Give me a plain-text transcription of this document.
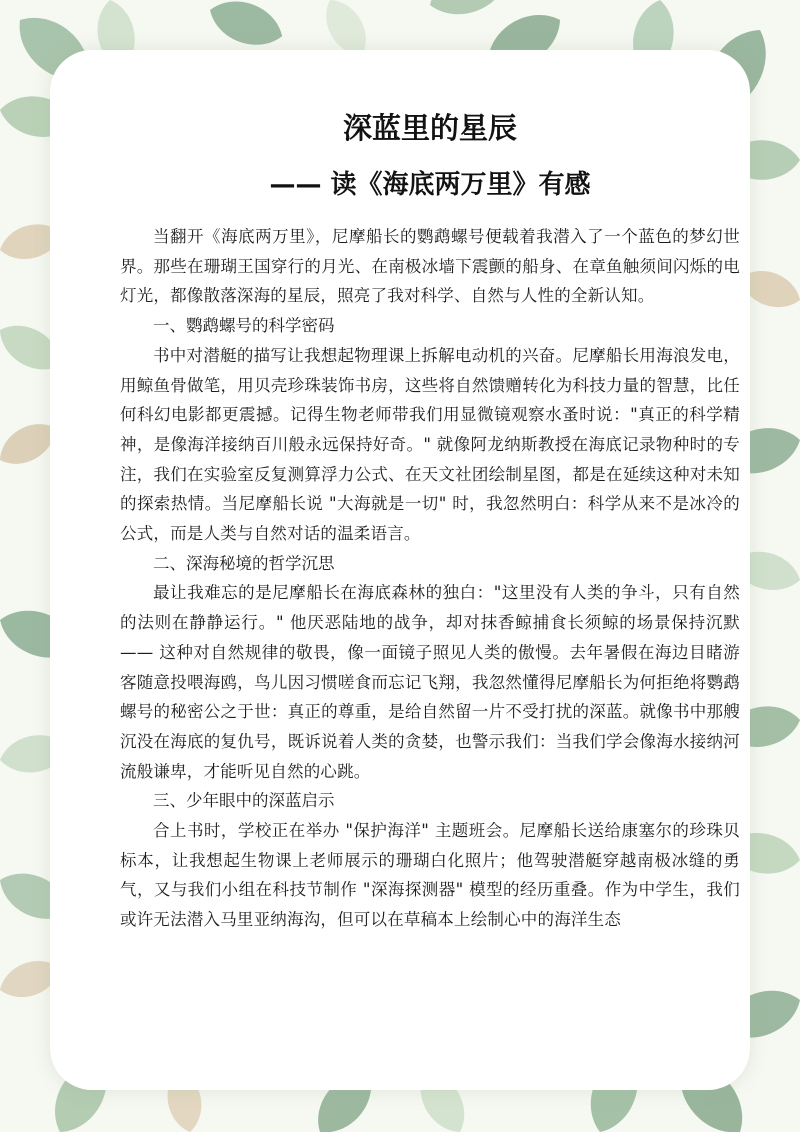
深蓝里的星辰
—— 读《海底两万里》有感

当翻开《海底两万里》，尼摩船长的鹦鹉螺号便载着我潜入了一个蓝色的梦幻世界。那些在珊瑚王国穿行的月光、在南极冰墙下震颤的船身、在章鱼触须间闪烁的电灯光，都像散落深海的星辰，照亮了我对科学、自然与人性的全新认知。

一、鹦鹉螺号的科学密码

书中对潜艇的描写让我想起物理课上拆解电动机的兴奋。尼摩船长用海浪发电，用鲸鱼骨做笔，用贝壳珍珠装饰书房，这些将自然馈赠转化为科技力量的智慧，比任何科幻电影都更震撼。记得生物老师带我们用显微镜观察水蚤时说："真正的科学精神，是像海洋接纳百川般永远保持好奇。" 就像阿龙纳斯教授在海底记录物种时的专注，我们在实验室反复测算浮力公式、在天文社团绘制星图，都是在延续这种对未知的探索热情。当尼摩船长说 "大海就是一切" 时，我忽然明白：科学从来不是冰冷的公式，而是人类与自然对话的温柔语言。

二、深海秘境的哲学沉思

最让我难忘的是尼摩船长在海底森林的独白："这里没有人类的争斗，只有自然的法则在静静运行。" 他厌恶陆地的战争，却对抹香鲸捕食长须鲸的场景保持沉默 —— 这种对自然规律的敬畏，像一面镜子照见人类的傲慢。去年暑假在海边目睹游客随意投喂海鸥，鸟儿因习惯嗟食而忘记飞翔，我忽然懂得尼摩船长为何拒绝将鹦鹉螺号的秘密公之于世：真正的尊重，是给自然留一片不受打扰的深蓝。就像书中那艘沉没在海底的复仇号，既诉说着人类的贪婪，也警示我们：当我们学会像海水接纳河流般谦卑，才能听见自然的心跳。

三、少年眼中的深蓝启示

合上书时，学校正在举办 "保护海洋" 主题班会。尼摩船长送给康塞尔的珍珠贝标本，让我想起生物课上老师展示的珊瑚白化照片；他驾驶潜艇穿越南极冰缝的勇气，又与我们小组在科技节制作 "深海探测器" 模型的经历重叠。作为中学生，我们或许无法潜入马里亚纳海沟，但可以在草稿本上绘制心中的海洋生态
